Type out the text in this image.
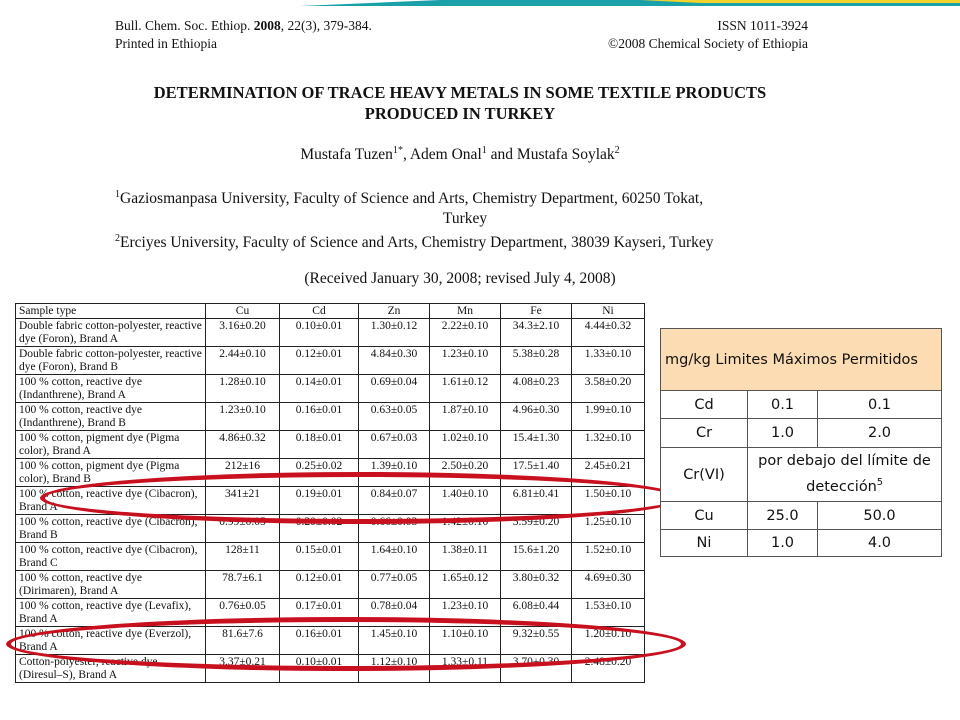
Bull. Chem. Soc. Ethiop. 2008, 22(3), 379-384.
Printed in Ethiopia
ISSN 1011-3924
©2008 Chemical Society of Ethiopia
DETERMINATION OF TRACE HEAVY METALS IN SOME TEXTILE PRODUCTS
PRODUCED IN TURKEY
Mustafa Tuzen$^{1*}$, Adem Onal$^1$ and Mustafa Soylak$^2$
$^1$Gaziosmanpasa University, Faculty of Science and Arts, Chemistry Department, 60250 Tokat,
Turkey
$^2$Erciyes University, Faculty of Science and Arts, Chemistry Department, 38039 Kayseri, Turkey
(Received January 30, 2008; revised July 4, 2008)
Sample type	Cu	Cd	Zn	Mn	Fe	Ni
Double fabric cotton-polyester, reactive dye (Foron), Brand A	3.16±0.20	0.10±0.01	1.30±0.12	2.22±0.10	34.3±2.10	4.44±0.32
Double fabric cotton-polyester, reactive dye (Foron), Brand B	2.44±0.10	0.12±0.01	4.84±0.30	1.23±0.10	5.38±0.28	1.33±0.10
100 % cotton, reactive dye (Indanthrene), Brand A	1.28±0.10	0.14±0.01	0.69±0.04	1.61±0.12	4.08±0.23	3.58±0.20
100 % cotton, reactive dye (Indanthrene), Brand B	1.23±0.10	0.16±0.01	0.63±0.05	1.87±0.10	4.96±0.30	1.99±0.10
100 % cotton, pigment dye (Pigma color), Brand A	4.86±0.32	0.18±0.01	0.67±0.03	1.02±0.10	15.4±1.30	1.32±0.10
100 % cotton, pigment dye (Pigma color), Brand B	212±16	0.25±0.02	1.39±0.10	2.50±0.20	17.5±1.40	2.45±0.21
100 % cotton, reactive dye (Cibacron), Brand A	341±21	0.19±0.01	0.84±0.07	1.40±0.10	6.81±0.41	1.50±0.10
100 % cotton, reactive dye (Cibacron), Brand B	0.99±0.05	0.20±0.02	0.66±0.03	1.42±0.10	5.59±0.20	1.25±0.10
100 % cotton, reactive dye (Cibacron), Brand C	128±11	0.15±0.01	1.64±0.10	1.38±0.11	15.6±1.20	1.52±0.10
100 % cotton, reactive dye (Dirimaren), Brand A	78.7±6.1	0.12±0.01	0.77±0.05	1.65±0.12	3.80±0.32	4.69±0.30
100 % cotton, reactive dye (Levafix), Brand A	0.76±0.05	0.17±0.01	0.78±0.04	1.23±0.10	6.08±0.44	1.53±0.10
100 % cotton, reactive dye (Everzol), Brand A	81.6±7.6	0.16±0.01	1.45±0.10	1.10±0.10	9.32±0.55	1.20±0.10
Cotton-polyester, reactive dye (Diresul–S), Brand A	3.37±0.21	0.10±0.01	1.12±0.10	1.33±0.11	3.70±0.30	2.48±0.20
mg/kg Limites Máximos Permitidos		
Cd	0.1	0.1
Cr	1.0	2.0
Cr(VI)	por debajo del límite de detección$^5$
Cu	25.0	50.0
Ni	1.0	4.0
